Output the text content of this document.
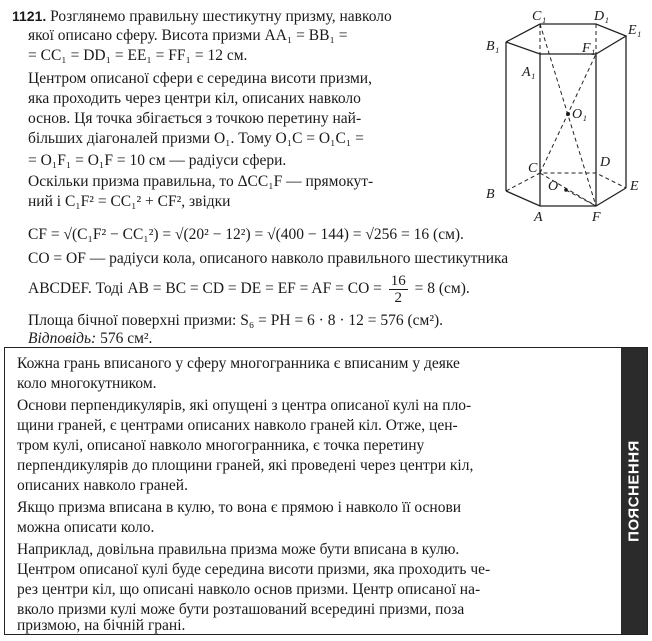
1121. Розглянемо правильну шестикутну призму, навколо
якої описано сферу. Висота призми AA₁ = BB₁ =
= CC₁ = DD₁ = EE₁ = FF₁ = 12 см.
Центром описаної сфери є середина висоти призми,
яка проходить через центри кіл, описаних навколо
основ. Ця точка збігається з точкою перетину най-
більших діагоналей призми O₁. Тому O₁C = O₁C₁ =
= O₁F₁ = O₁F = 10 см — радіуси сфери.
Оскільки призма правильна, то ΔCC₁F — прямокут-
ний і C₁F² = CC₁² + CF², звідки
CF = √(C₁F² − CC₁²) = √(20² − 12²) = √(400 − 144) = √256 = 16 (см).
CO = OF — радіуси кола, описаного навколо правильного шестикутника
ABCDEF. Тоді AB = BC = CD = DE = EF = AF = CO = $\frac{16}{2} = 8$ (см).
Площа бічної поверхні призми: S₆ = PH = 6 · 8 · 12 = 576 (см²).
Відповідь: 576 см².
C₁	D₁
E₁
B₁	F₁
A₁
O₁
C	D
E
B
O
A	F
Кожна грань вписаного у сферу многогранника є вписаним у деяке
коло многокутником.
Основи перпендикулярів, які опущені з центра описаної кулі на пло-
щини граней, є центрами описаних навколо граней кіл. Отже, цен-
тром кулі, описаної навколо многогранника, є точка перетину
перпендикулярів до площини граней, які проведені через центри кіл,
описаних навколо граней.
Якщо призма вписана в кулю, то вона є прямою і навколо її основи
можна описати коло.
Наприклад, довільна правильна призма може бути вписана в кулю.
Центром описаної кулі буде середина висоти призми, яка проходить че-
рез центри кіл, що описані навколо основ призми. Центр описаної на-
вколо призми кулі може бути розташований всередині призми, поза
призмою, на бічній грані.
ПОЯСНЕННЯ
